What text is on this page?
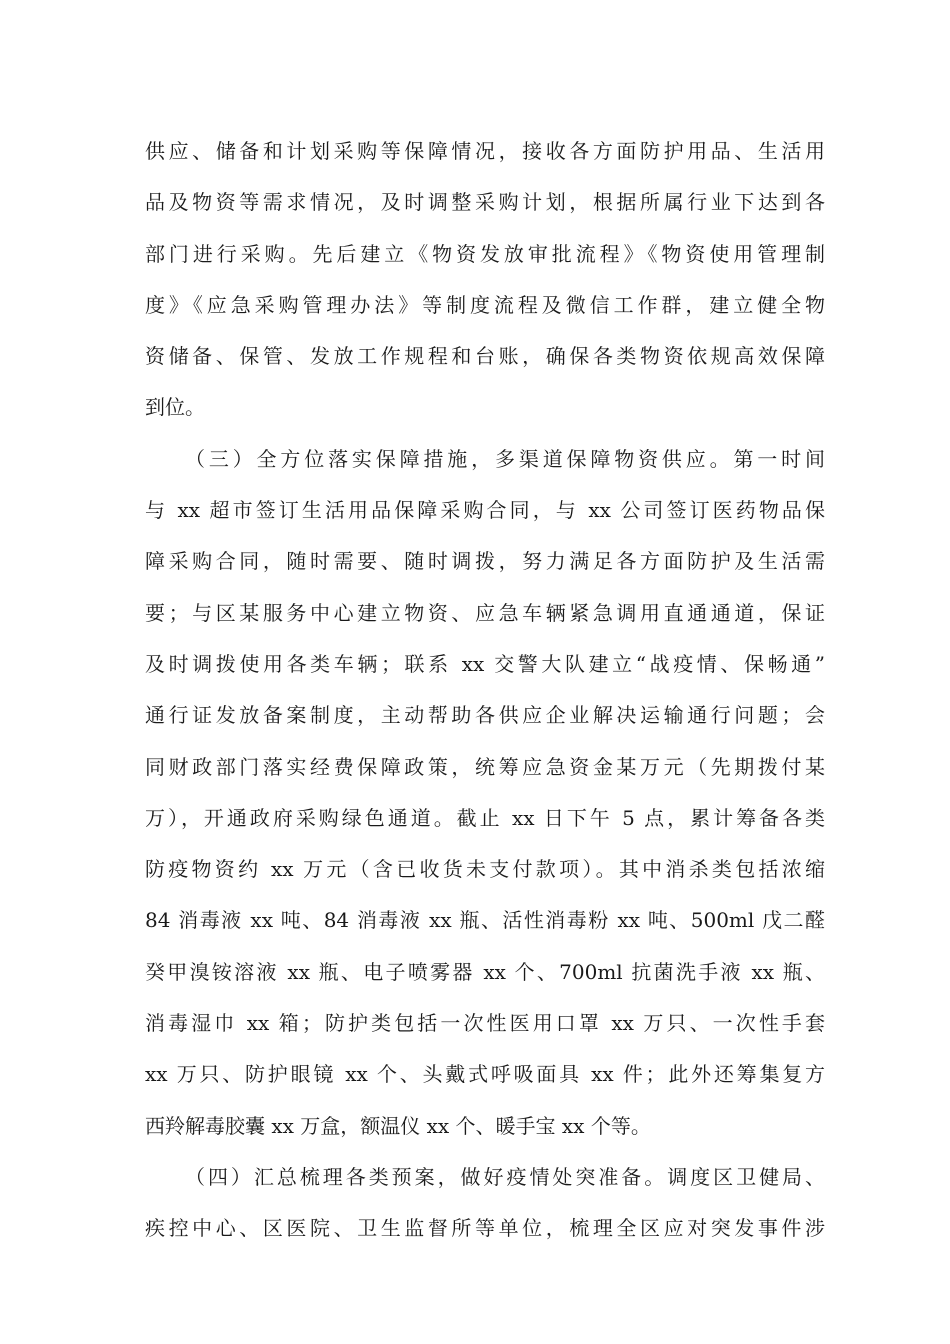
供应、储备和计划采购等保障情况，接收各方面防护用品、生活用
品及物资等需求情况，及时调整采购计划，根据所属行业下达到各
部门进行采购。先后建立《物资发放审批流程》《物资使用管理制
度》《应急采购管理办法》等制度流程及微信工作群，建立健全物
资储备、保管、发放工作规程和台账，确保各类物资依规高效保障
到位。
（三）全方位落实保障措施，多渠道保障物资供应。第一时间
与 xx 超市签订生活用品保障采购合同，与 xx 公司签订医药物品保
障采购合同，随时需要、随时调拨，努力满足各方面防护及生活需
要；与区某服务中心建立物资、应急车辆紧急调用直通通道，保证
及时调拨使用各类车辆；联系 xx 交警大队建立“战疫情、保畅通”
通行证发放备案制度，主动帮助各供应企业解决运输通行问题；会
同财政部门落实经费保障政策，统筹应急资金某万元（先期拨付某
万），开通政府采购绿色通道。截止 xx 日下午 5 点，累计筹备各类
防疫物资约 xx 万元（含已收货未支付款项）。其中消杀类包括浓缩
84 消毒液 xx 吨、84 消毒液 xx 瓶、活性消毒粉 xx 吨、500ml 戊二醛
癸甲溴铵溶液 xx 瓶、电子喷雾器 xx 个、700ml 抗菌洗手液 xx 瓶、
消毒湿巾 xx 箱；防护类包括一次性医用口罩 xx 万只、一次性手套
xx 万只、防护眼镜 xx 个、头戴式呼吸面具 xx 件；此外还筹集复方
西羚解毒胶囊 xx 万盒，额温仪 xx 个、暖手宝 xx 个等。
（四）汇总梳理各类预案，做好疫情处突准备。调度区卫健局、
疾控中心、区医院、卫生监督所等单位，梳理全区应对突发事件涉
